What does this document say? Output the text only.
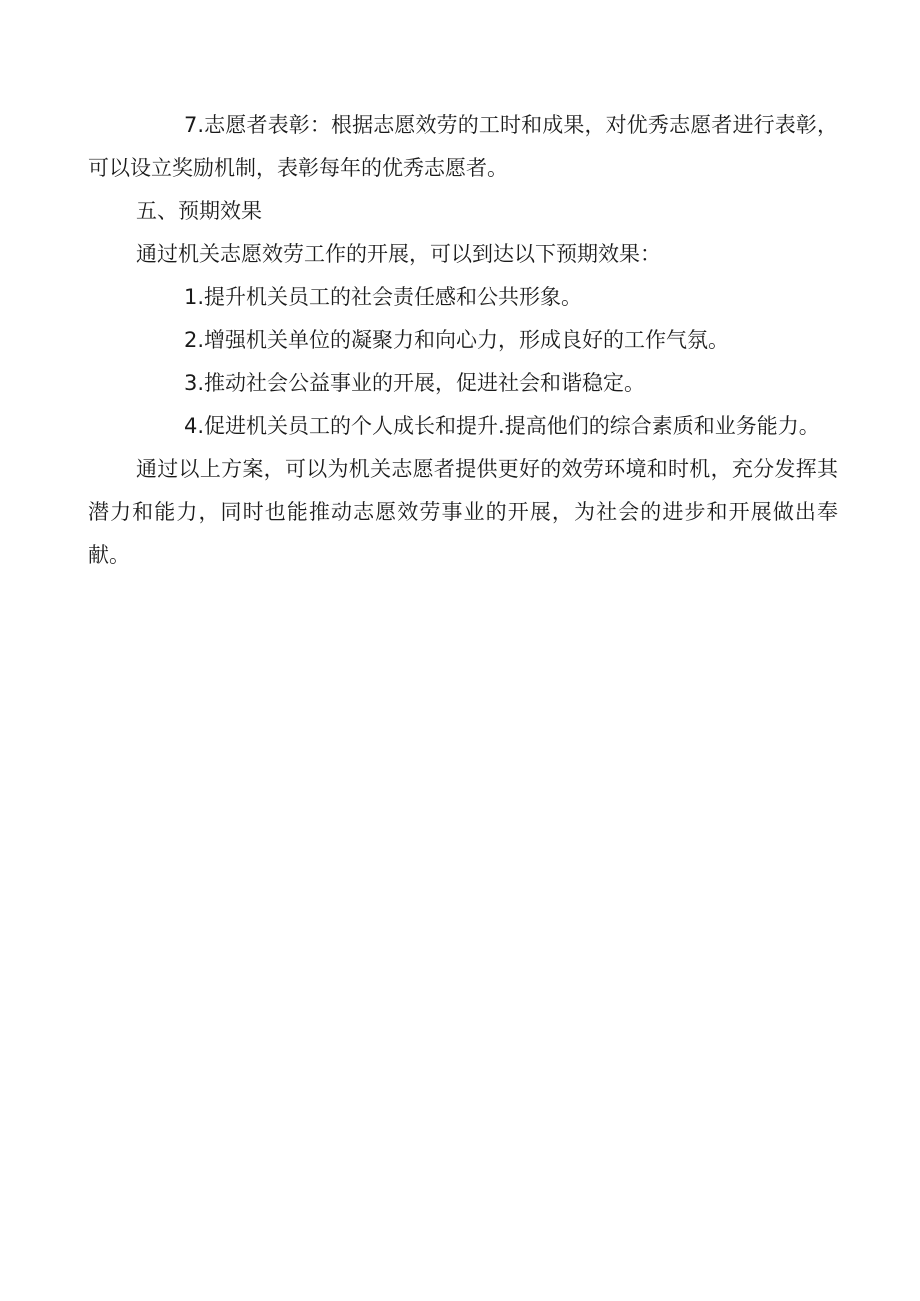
7.志愿者表彰：根据志愿效劳的工时和成果，对优秀志愿者进行表彰，可以设立奖励机制，表彰每年的优秀志愿者。

五、预期效果

通过机关志愿效劳工作的开展，可以到达以下预期效果：

1.提升机关员工的社会责任感和公共形象。

2.增强机关单位的凝聚力和向心力，形成良好的工作气氛。

3.推动社会公益事业的开展，促进社会和谐稳定。

4.促进机关员工的个人成长和提升.提高他们的综合素质和业务能力。

通过以上方案，可以为机关志愿者提供更好的效劳环境和时机，充分发挥其潜力和能力，同时也能推动志愿效劳事业的开展，为社会的进步和开展做出奉献。
